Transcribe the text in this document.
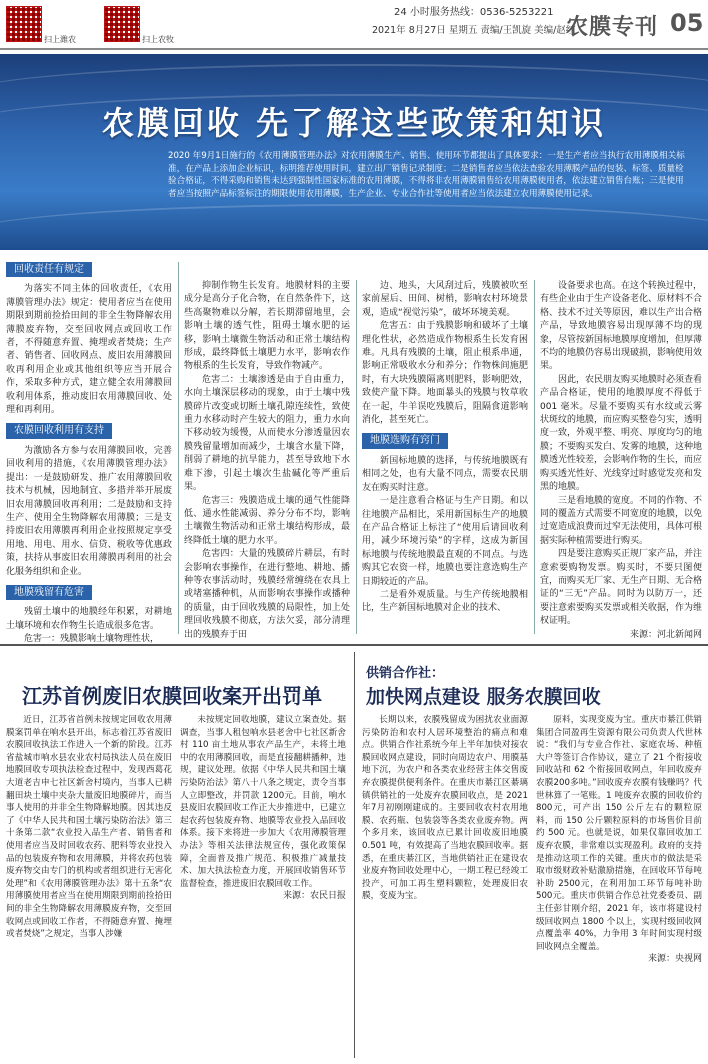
扫上潍农	扫上农牧
24 小时服务热线：0536-5253221
2021年 8月27日 星期五 责编/王凯旋 美编/赵红
农膜专刊 05
农膜回收 先了解这些政策和知识
2020 年9月1日施行的《农用薄膜管理办法》对农用薄膜生产、销售、使用环节都提出了具体要求：一是生产者应当执行农用薄膜相关标准，在产品上添加企业标识，标明推荐使用时间，建立出厂销售记录制度；二是销售者应当依法查验农用薄膜产品的包装、标签、质量检验合格证，不得采购和销售未达到强制性国家标准的农用薄膜，不得将非农用薄膜销售给农用薄膜使用者，依法建立销售台账；三是使用者应当按照产品标签标注的期限使用农用薄膜，生产企业、专业合作社等使用者应当依法建立农用薄膜使用记录。
回收责任有规定

为落实不同主体的回收责任，《农用薄膜管理办法》规定：使用者应当在使用期限到期前捡拾田间的非全生物降解农用薄膜废弃物，交至回收网点或回收工作者，不得随意弃置、掩埋或者焚烧；生产者、销售者、回收网点、废旧农用薄膜回收再利用企业或其他组织等应当开展合作，采取多种方式，建立健全农用薄膜回收利用体系，推动废旧农用薄膜回收、处理和再利用。

农膜回收利用有支持

为激励各方参与农用薄膜回收，完善回收利用的措施，《农用薄膜管理办法》提出：一是鼓励研发、推广农用薄膜回收技术与机械，因地制宜、多措并举开展废旧农用薄膜回收再利用；二是鼓励和支持生产、使用全生物降解农用薄膜；三是支持废旧农用薄膜再利用企业按照规定享受用地、用电、用水、信贷、税收等优惠政策，扶持从事废旧农用薄膜再利用的社会化服务组织和企业。

地膜残留有危害

残留土壤中的地膜经年积累，对耕地土壤环境和农作物生长造成很多危害。

危害一：残膜影响土壤物理性状，

抑制作物生长发育。地膜材料的主要成分是高分子化合物，在自然条件下，这些高聚物难以分解，若长期滞留地里，会影响土壤的透气性，阻碍土壤水肥的运移，影响土壤微生物活动和正常土壤结构形成，最终降低土壤肥力水平，影响农作物根系的生长发育，导致作物减产。

危害二：土壤渗透是由于自由重力，水向土壤深层移动的现象，由于土壤中残膜碎片改变或切断土壤孔隙连续性，致使重力水移动时产生较大的阻力，重力水向下移动较为缓慢，从而使水分渗透量因农膜残留量增加而减少，土壤含水量下降，削弱了耕地的抗旱能力，甚至导致地下水难下渗，引起土壤次生盐碱化等严重后果。

危害三：残膜造成土壤的通气性能降低、通水性能减弱、养分分布不均，影响土壤微生物活动和正常土壤结构形成，最终降低土壤的肥力水平。

危害四：大量的残膜碎片耕层，有时会影响农事操作，在进行整地、耕地、播种等农事活动时，残膜经常缠绕在农具上或堵塞播种机，从而影响农事操作或播种的质量，由于回收残膜的局限性，加上处理回收残膜不彻底，方法欠妥，部分清理出的残膜弃于田

边、地头，大风刮过后，残膜被吹至家前屋后、田间、树梢，影响农村环境景观，造成“视觉污染”，破坏环境美观。

危害五：由于残膜影响和破坏了土壤理化性状，必然造成作物根系生长发育困难。凡具有残膜的土壤，阻止根系串通，影响正常吸收水分和养分；作物株间施肥时，有大块残膜隔离则肥料，影响肥效，致使产量下降。地面暴头的残膜与牧草收在一起，牛羊误吃残膜后，阻隔食道影响消化，甚至死亡。

地膜选购有窍门

新国标地膜的选择，与传统地膜既有相同之处，也有大量不同点，需要农民朋友在购买时注意。

一是注意看合格证与生产日期。和以往地膜产品相比，采用新国标生产的地膜在产品合格证上标注了“使用后请回收利用，减少环境污染”的字样，这成为新国标地膜与传统地膜最直观的不同点。与选购其它农资一样，地膜也要注意选购生产日期较近的产品。

二是看外观质量。与生产传统地膜相比，生产新国标地膜对企业的技术、

设备要求也高。在这个转换过程中，有些企业由于生产设备老化、原材料不合格、技术不过关等原因，难以生产出合格产品，导致地膜容易出现厚薄不均的现象，尽管按新国标地膜厚度增加，但厚薄不均的地膜仍容易出现破损，影响使用效果。

因此，农民朋友购买地膜时必须查看产品合格证，使用的地膜厚度不得低于 001 毫米。尽量不要购买有水纹或云雾状斑纹的地膜，而应购买整卷匀实，透明度一致，外观平整、明亮、厚度均匀的地膜；不要购买发白、发雾的地膜，这种地膜透光性较差，会影响作物的生长，而应购买透光性好、光线穿过时感觉发亮和发黑的地膜。

三是看地膜的宽度。不同的作物、不同的覆盖方式需要不同宽度的地膜，以免过宽造成浪费而过窄无法使用，具体可根据实际种植需要进行购买。

四是要注意购买正规厂家产品，并注意索要购物发票。购买时，不要只图便宜，而购买无厂家、无生产日期、无合格证的“三无”产品。同时为以防万一，还要注意索要购买发票或相关收据，作为维权证明。

来源：河北新闻网
江苏首例废旧农膜回收案开出罚单

近日，江苏省首例未按规定回收农用薄膜案罚单在响水县开出，标志着江苏省废旧农膜回收执法工作进入一个新的阶段。江苏省盐城市响水县农业农村局执法人员在废旧地膜回收专项执法检查过程中，发现西葛花大道老吉申七社区新舍村境内，当事人已耕翻田块土壤中夹杂大量废旧地膜碎片，而当事人使用的并非全生物降解地膜。因其违反了《中华人民共和国土壤污染防治法》第三十条第二款“农业投入品生产者、销售者和使用者应当及时回收农药、肥料等农业投入品的包装废弃物和农用薄膜，并将农药包装废弃物交由专门的机构或者组织进行无害化处理”和《农用薄膜管理办法》第十五条“农用薄膜使用者应当在使用期限到期前捡拾田间的非全生物降解农用薄膜废弃物，交至回收网点或回收工作者，不得随意弃置、掩埋或者焚烧”之规定，当事人涉嫌

未按规定回收地膜，建议立案查处。据调查，当事人租包响水县老舍中七社区新舍村 110 亩土地从事农产品生产，未将土地中的农用薄膜回收，而是直接翻耕播种，违规，建议处理。依据《中华人民共和国土壤污染防治法》第八十八条之规定，责令当事人立即整改，并罚款 1200元。目前，响水县废旧农膜回收工作正大步推进中，已建立起农药包装废弃物、地膜等农业投入品回收体系。接下来将进一步加大《农用薄膜管理办法》等相关法律法规宣传，强化政策保障，全面普及推广规范、积极推广减量技术、加大执法检查力度，开展回收销售环节监督检查，推进废旧农膜回收工作。

来源：农民日报
供销合作社：
加快网点建设 服务农膜回收

长期以来，农膜残留成为困扰农业面源污染防治和农村人居环境整治的痛点和难点。供销合作社系统今年上半年加快对接农膜回收网点建设，同时向周边农户、用膜基地下沉，为农户和各类农业经营主体交售废弃农膜提供便利条件。在重庆市綦江区綦璃镇供销社的一处废弃农膜回收点，是 2021年7月初刚刚建成的。主要回收农村农用地膜、农药瓶、包装袋等各类农业废弃物。两个多月来，该回收点已累计回收废旧地膜 0.501 吨，有效提高了当地农膜回收率。据悉，在重庆綦江区，当地供销社正在建设农业废弃物回收处理中心，一期工程已经竣工投产，可加工再生塑料颗粒，处理废旧农膜，变废为宝。

原料，实现变废为宝。重庆市綦江供销集团合同盈再生资源有限公司负责人代世林说：“我们与专业合作社、家庭农场、种植大户等签订合作协议，建立了 21 个衔接收回收站和 62 个衔接回收网点，年回收废弃农膜200多吨。”回收废弃农膜有钱赚吗？代世林算了一笔账。1 吨废弃农膜的回收价约 800元，可产出 150 公斤左右的颗粒原料，而 150 公斤颗粒原料的市场售价目前约 500 元。也就是说，如果仅靠回收加工废弃农膜，非常难以实现盈利。政府的支持是推动这项工作的关键。重庆市的做法是采取市级财政补贴激励措施，在回收环节每吨补助 2500元，在利用加工环节每吨补助 500元。重庆市供销合作总社党委委员、副主任彭甘刚介绍，2021 年，该市将建设村级回收网点 1800 个以上，实现村级回收网点覆盖率 40%，力争用 3 年时间实现村级回收网点全覆盖。

来源：央视网
